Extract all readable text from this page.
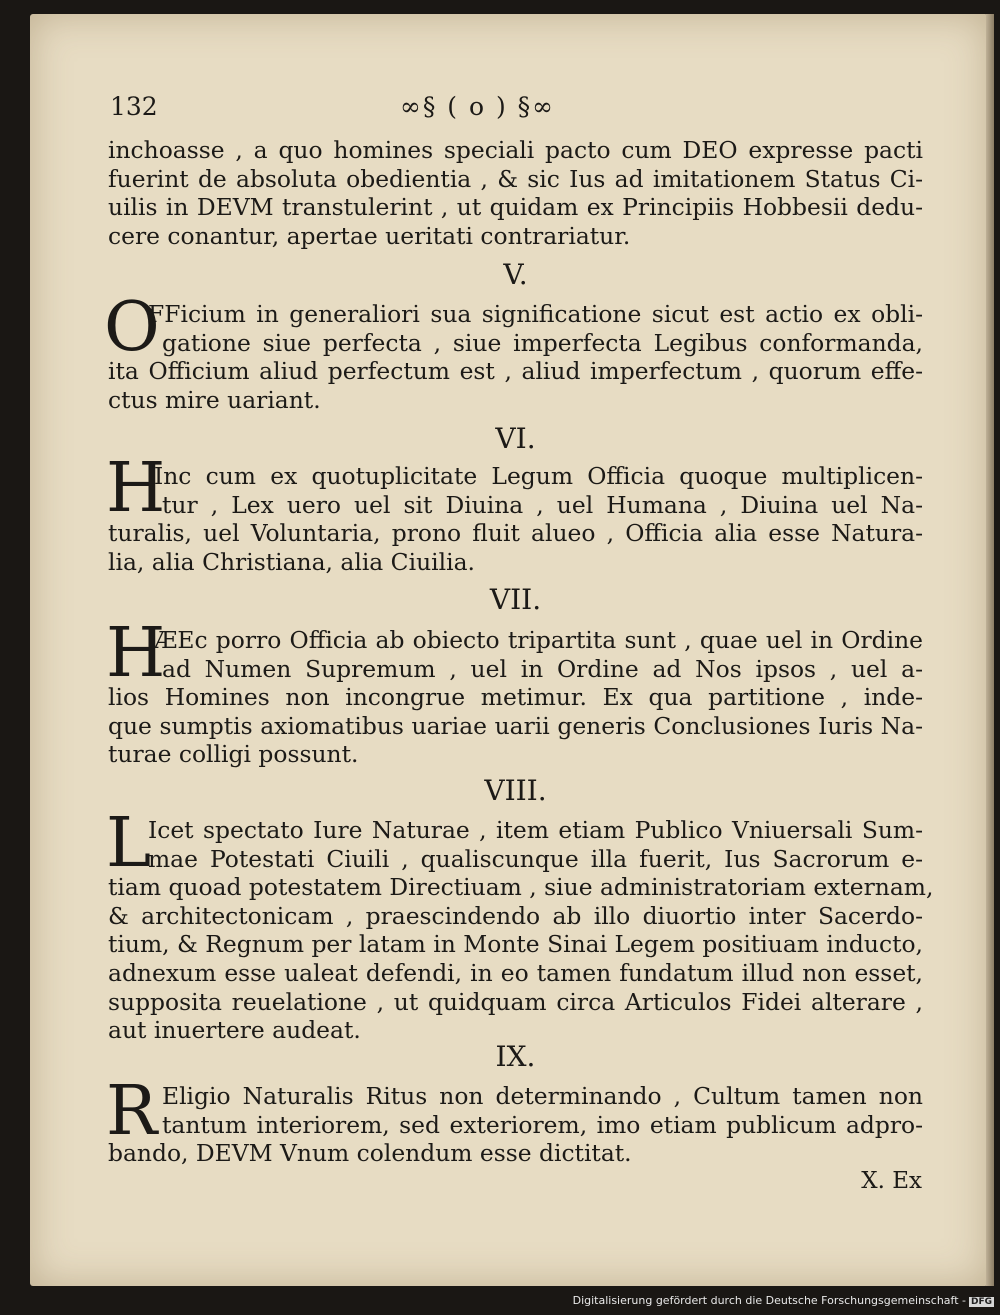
132	∞§ ( o ) §∞
inchoasse , a quo homines speciali pacto cum DEO expresse pacti
fuerint de absoluta obedientia , & sic Ius ad imitationem Status Ci-
uilis in DEVM transtulerint , ut quidam ex Principiis Hobbesii dedu-
cere conantur, apertae ueritati contrariatur.
V.
O
FFicium in generaliori sua significatione sicut est actio ex obli-
gatione siue perfecta , siue imperfecta Legibus conformanda,
ita Officium aliud perfectum est , aliud imperfectum , quorum effe-
ctus mire uariant.
VI.
H
Inc cum ex quotuplicitate Legum Officia quoque multiplicen-
tur , Lex uero uel sit Diuina , uel Humana , Diuina uel Na-
turalis, uel Voluntaria, prono fluit alueo , Officia alia esse Natura-
lia, alia Christiana, alia Ciuilia.
VII.
H
ÆEc porro Officia ab obiecto tripartita sunt , quae uel in Ordine
ad Numen Supremum , uel in Ordine ad Nos ipsos , uel a-
lios Homines non incongrue metimur. Ex qua partitione , inde-
que sumptis axiomatibus uariae uarii generis Conclusiones Iuris Na-
turae colligi possunt.
VIII.
L
Icet spectato Iure Naturae , item etiam Publico Vniuersali Sum-
mae Potestati Ciuili , qualiscunque illa fuerit, Ius Sacrorum e-
tiam quoad potestatem Directiuam , siue administratoriam externam,
& architectonicam , praescindendo ab illo diuortio inter Sacerdo-
tium, & Regnum per latam in Monte Sinai Legem positiuam inducto,
adnexum esse ualeat defendi, in eo tamen fundatum illud non esset,
supposita reuelatione , ut quidquam circa Articulos Fidei alterare ,
aut inuertere audeat.
IX.
R Eligio Naturalis Ritus non determinando , Cultum tamen non
tantum interiorem, sed exteriorem, imo etiam publicum adpro-
bando, DEVM Vnum colendum esse dictitat.
X. Ex
Digitalisierung gefördert durch die Deutsche Forschungsgemeinschaft - DFG
